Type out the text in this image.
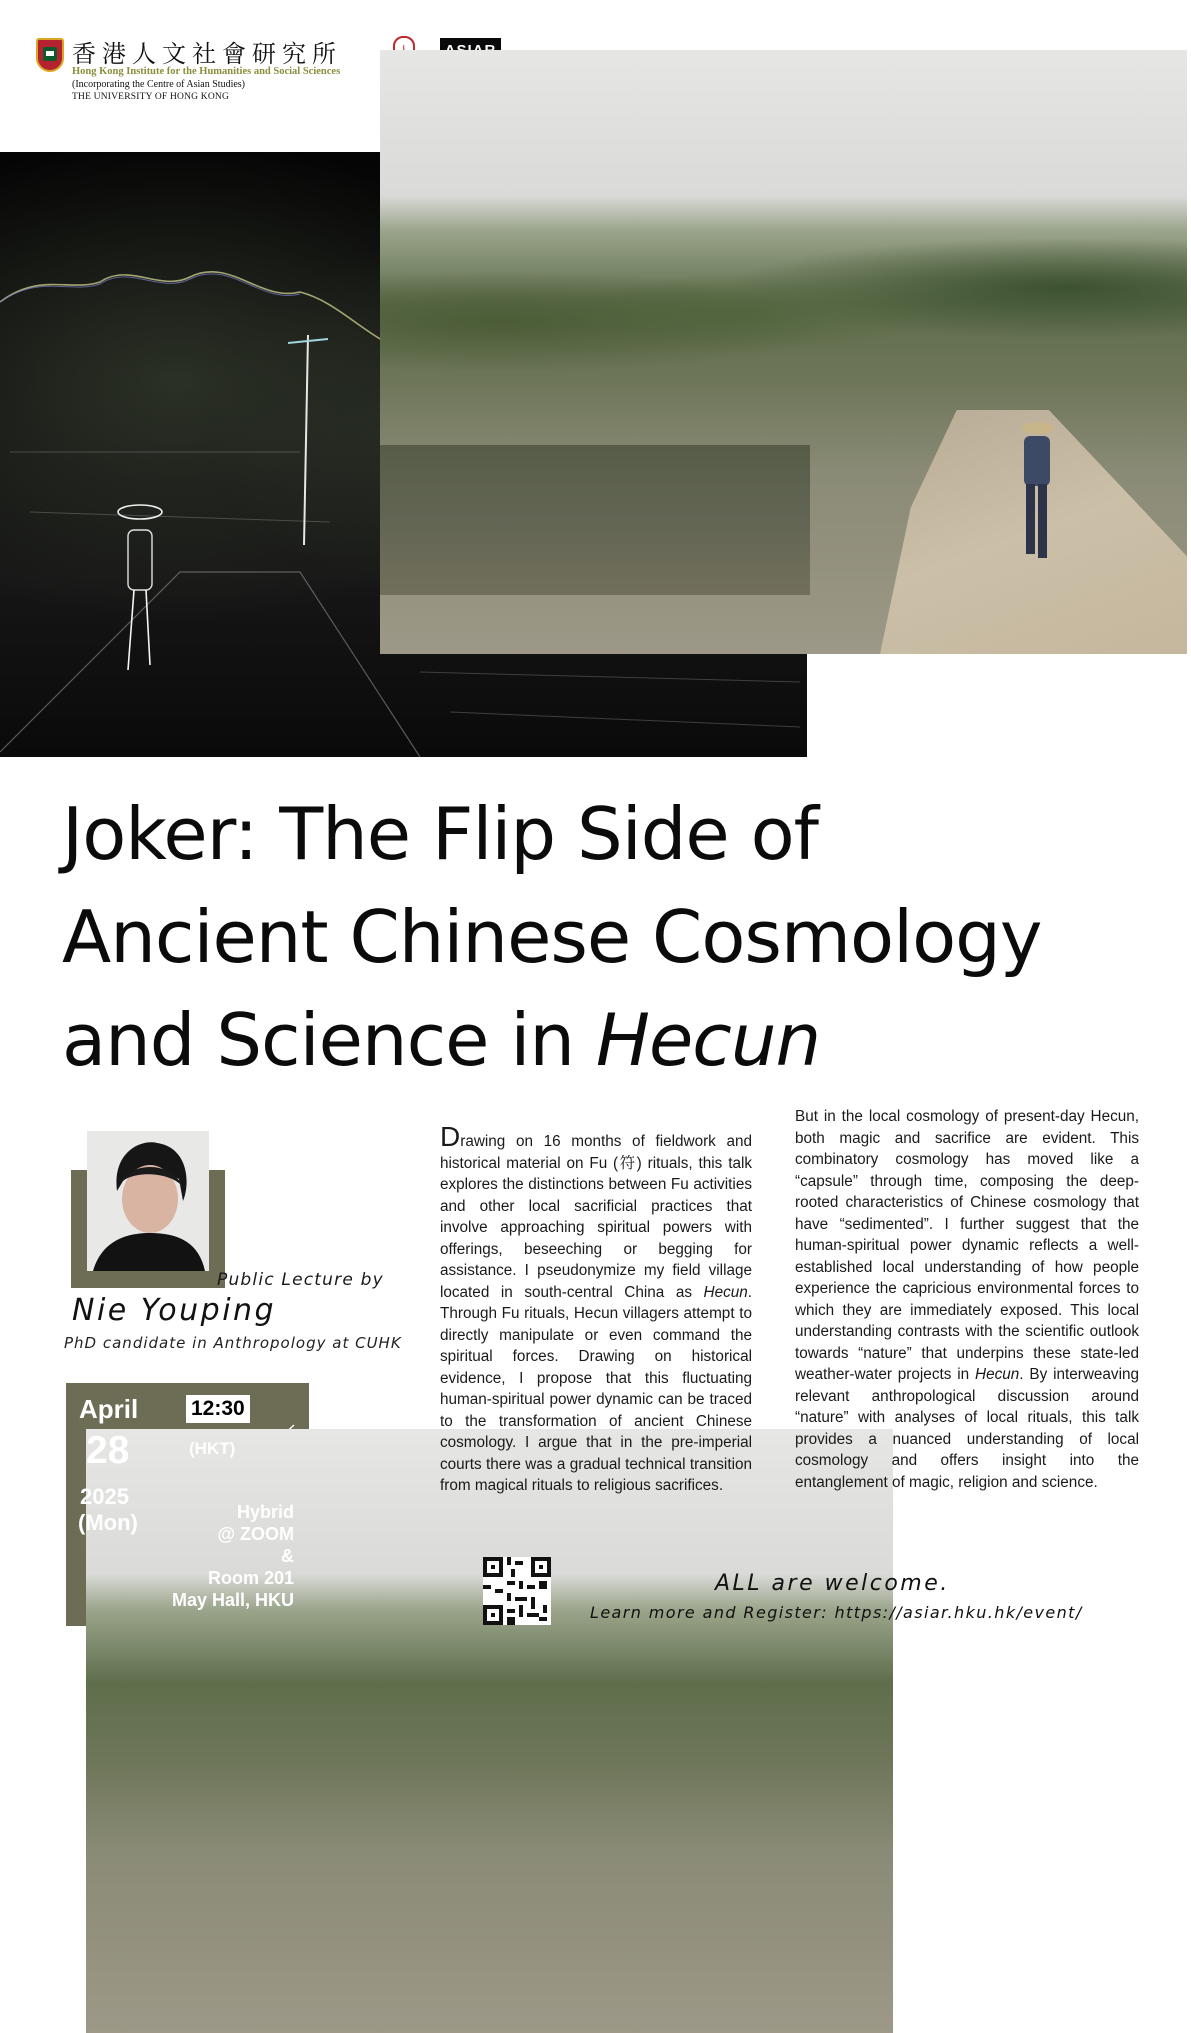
香港人文社會研究所
Hong Kong Institute for the Humanities and Social Sciences
(Incorporating the Centre of Asian Studies)
THE UNIVERSITY OF HONG KONG

Joker: The Flip Side of
Ancient Chinese Cosmology
and Science in Hecun
Public Lecture by
Nie Youping
PhD candidate in Anthropology at CUHK
April
28
2025
(Mon)
12:30
(HKT)
Hybrid
@ ZOOM
&
Room 201
May Hall, HKU

Drawing on 16 months of fieldwork and historical material on Fu (符) rituals, this talk explores the distinctions between Fu activities and other local sacrificial practices that involve approaching spiritual powers with offerings, beseeching or begging for assistance. I pseudonymize my field village located in south-central China as Hecun. Through Fu rituals, Hecun villagers attempt to directly manipulate or even command the spiritual forces. Drawing on historical evidence, I propose that this fluctuating human-spiritual power dynamic can be traced to the transformation of ancient Chinese cosmology. I argue that in the pre-imperial courts there was a gradual technical transition from magical rituals to religious sacrifices.

But in the local cosmology of present-day Hecun, both magic and sacrifice are evident. This combinatory cosmology has moved like a “capsule” through time, composing the deep-rooted characteristics of Chinese cosmology that have “sedimented”. I further suggest that the human-spiritual power dynamic reflects a well-established local understanding of how people experience the capricious environmental forces to which they are immediately exposed. This local understanding contrasts with the scientific outlook towards “nature” that underpins these state-led weather-water projects in Hecun. By interweaving relevant anthropological discussion around “nature” with analyses of local rituals, this talk provides a nuanced understanding of local cosmology and offers insight into the entanglement of magic, religion and science.

ALL are welcome.
Learn more and Register: https://asiar.hku.hk/event/
